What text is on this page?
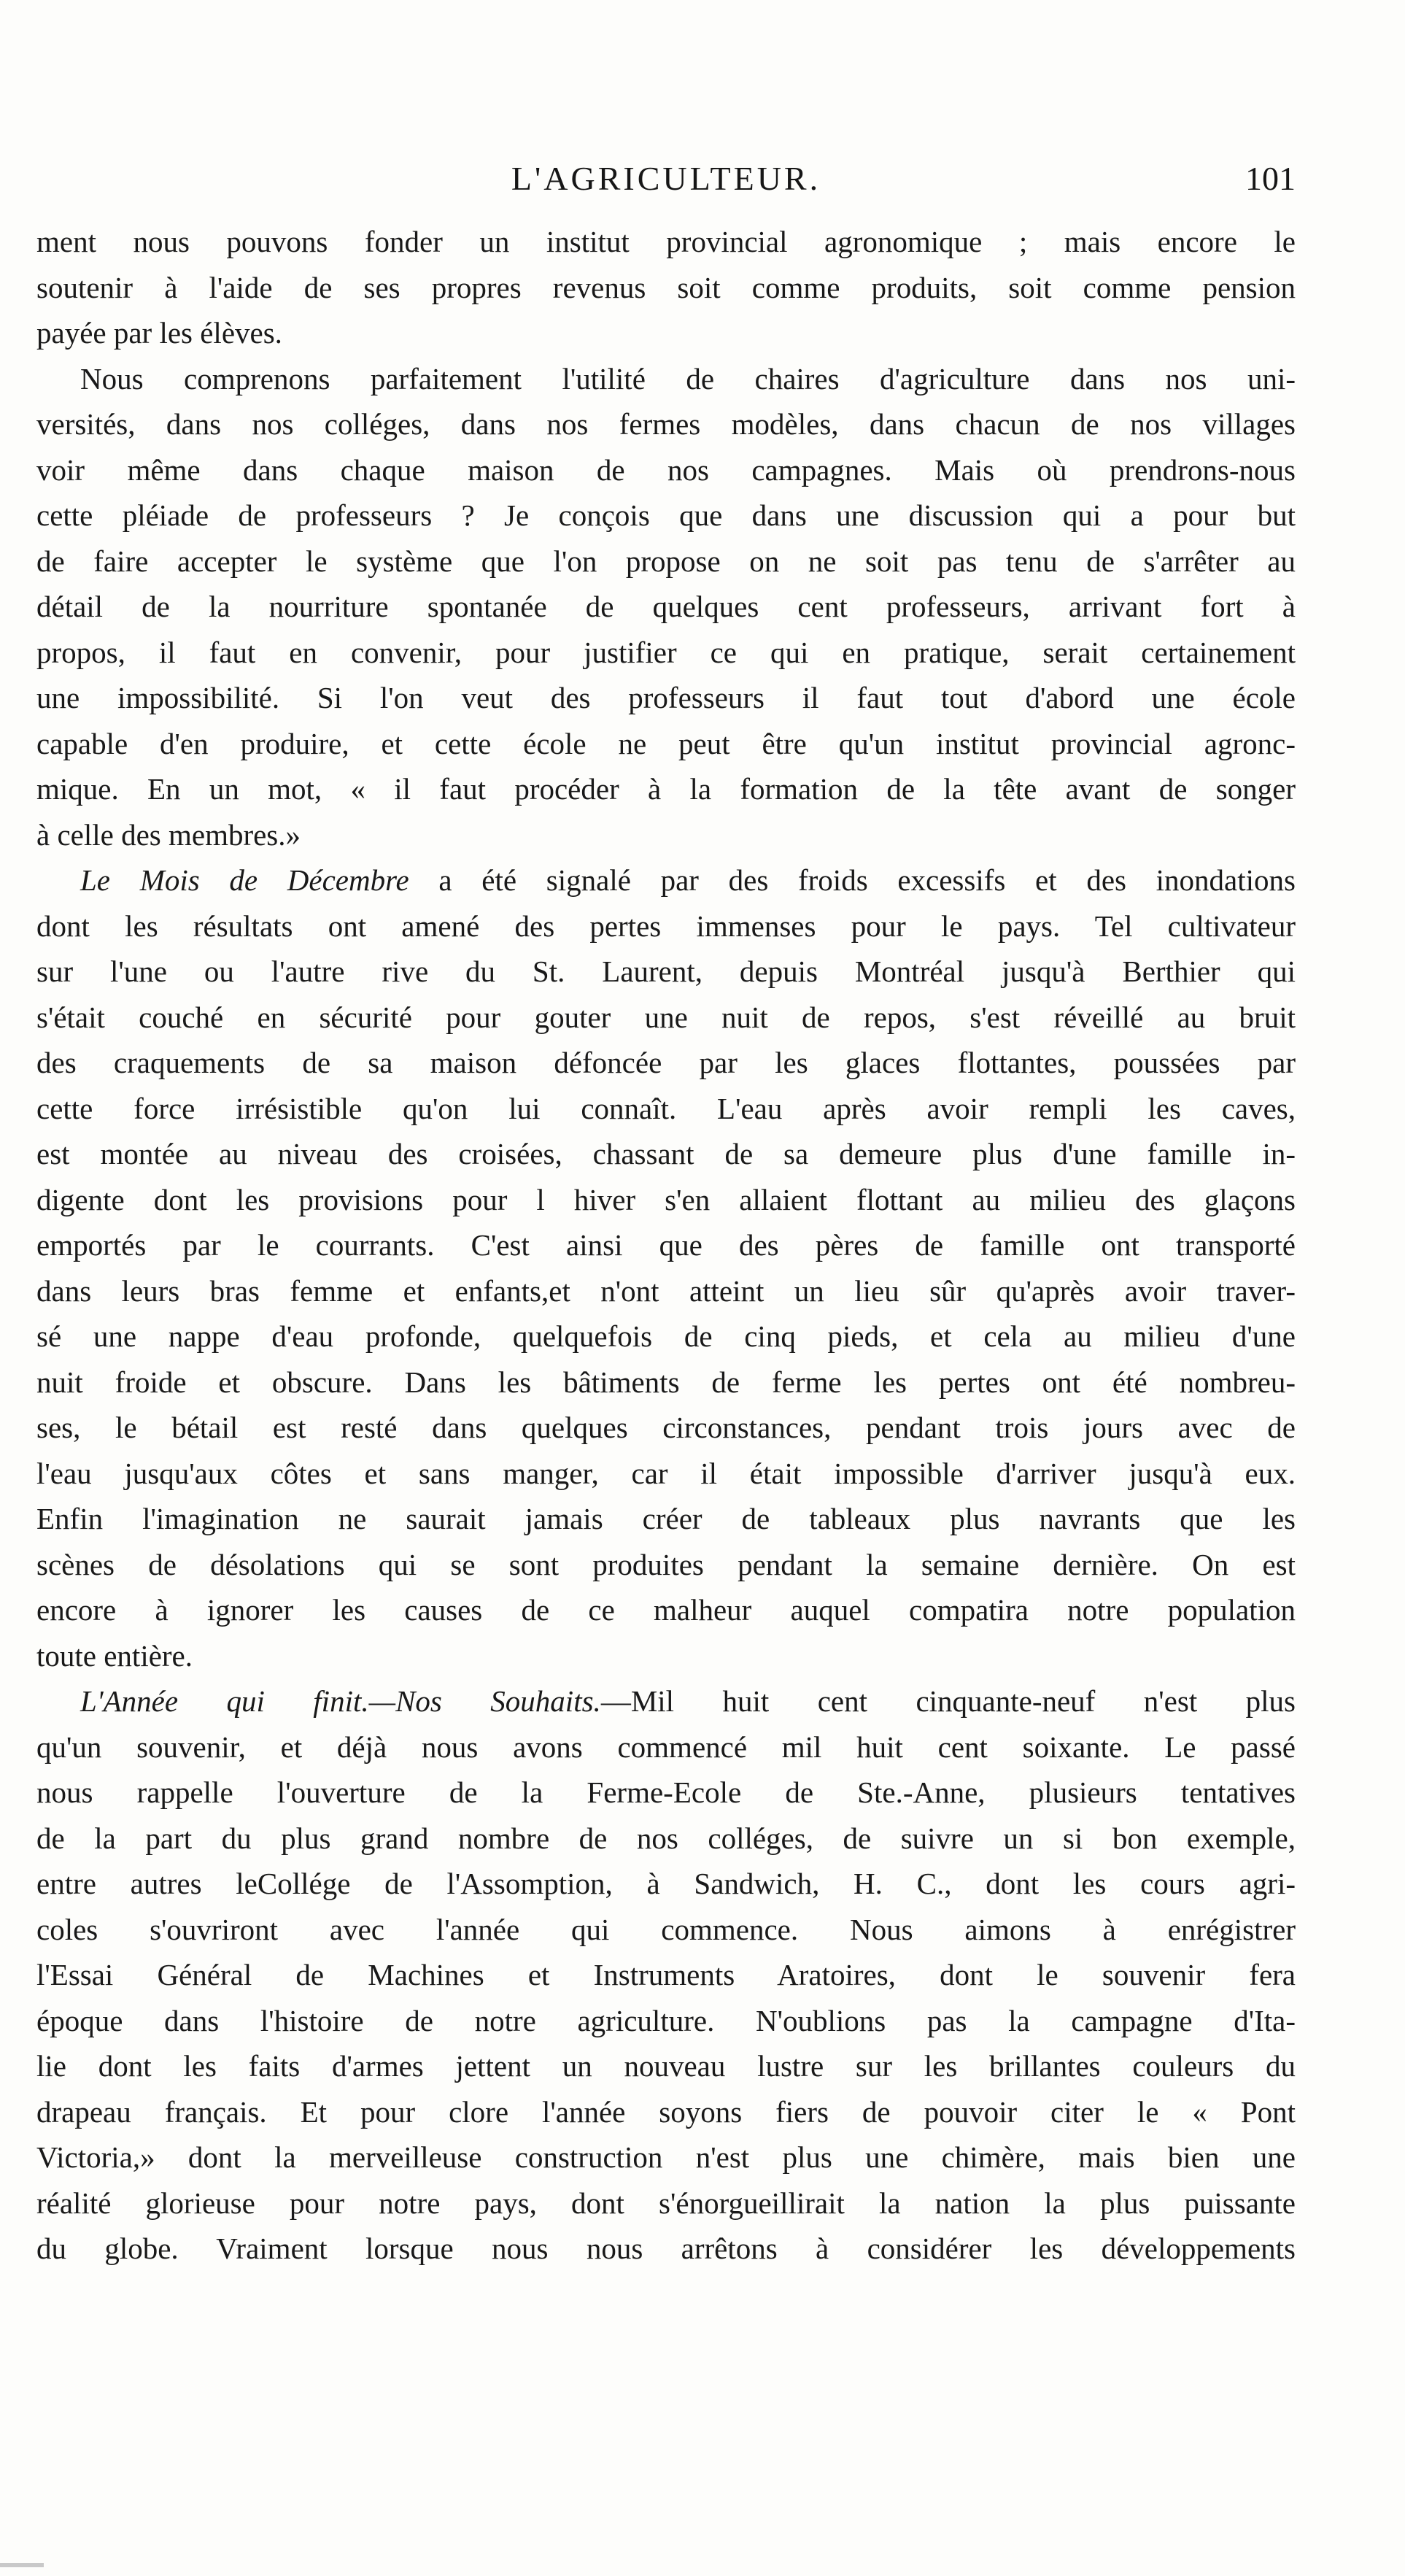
L'AGRICULTEUR.	101

ment nous pouvons fonder un institut provincial agronomique ; mais encore le
soutenir à l'aide de ses propres revenus soit comme produits, soit comme pension
payée par les élèves.

Nous comprenons parfaitement l'utilité de chaires d'agriculture dans nos uni-
versités, dans nos colléges, dans nos fermes modèles, dans chacun de nos villages
voir même dans chaque maison de nos campagnes. Mais où prendrons-nous
cette pléiade de professeurs ? Je conçois que dans une discussion qui a pour but
de faire accepter le système que l'on propose on ne soit pas tenu de s'arrêter au
détail de la nourriture spontanée de quelques cent professeurs, arrivant fort à
propos, il faut en convenir, pour justifier ce qui en pratique, serait certainement
une impossibilité. Si l'on veut des professeurs il faut tout d'abord une école
capable d'en produire, et cette école ne peut être qu'un institut provincial agronc-
mique. En un mot, « il faut procéder à la formation de la tête avant de songer
à celle des membres.»

Le Mois de Décembre a été signalé par des froids excessifs et des inondations
dont les résultats ont amené des pertes immenses pour le pays. Tel cultivateur
sur l'une ou l'autre rive du St. Laurent, depuis Montréal jusqu'à Berthier qui
s'était couché en sécurité pour gouter une nuit de repos, s'est réveillé au bruit
des craquements de sa maison défoncée par les glaces flottantes, poussées par
cette force irrésistible qu'on lui connaît. L'eau après avoir rempli les caves,
est montée au niveau des croisées, chassant de sa demeure plus d'une famille in-
digente dont les provisions pour l hiver s'en allaient flottant au milieu des glaçons
emportés par le courrants. C'est ainsi que des pères de famille ont transporté
dans leurs bras femme et enfants,et n'ont atteint un lieu sûr qu'après avoir traver-
sé une nappe d'eau profonde, quelquefois de cinq pieds, et cela au milieu d'une
nuit froide et obscure. Dans les bâtiments de ferme les pertes ont été nombreu-
ses, le bétail est resté dans quelques circonstances, pendant trois jours avec de
l'eau jusqu'aux côtes et sans manger, car il était impossible d'arriver jusqu'à eux.
Enfin l'imagination ne saurait jamais créer de tableaux plus navrants que les
scènes de désolations qui se sont produites pendant la semaine dernière. On est
encore à ignorer les causes de ce malheur auquel compatira notre population
toute entière.

L'Année qui finit.—Nos Souhaits.—Mil huit cent cinquante-neuf n'est plus
qu'un souvenir, et déjà nous avons commencé mil huit cent soixante. Le passé
nous rappelle l'ouverture de la Ferme-Ecole de Ste.-Anne, plusieurs tentatives
de la part du plus grand nombre de nos colléges, de suivre un si bon exemple,
entre autres leCollége de l'Assomption, à Sandwich, H. C., dont les cours agri-
coles s'ouvriront avec l'année qui commence. Nous aimons à enrégistrer
l'Essai Général de Machines et Instruments Aratoires, dont le souvenir fera
époque dans l'histoire de notre agriculture. N'oublions pas la campagne d'Ita-
lie dont les faits d'armes jettent un nouveau lustre sur les brillantes couleurs du
drapeau français. Et pour clore l'année soyons fiers de pouvoir citer le « Pont
Victoria,» dont la merveilleuse construction n'est plus une chimère, mais bien une
réalité glorieuse pour notre pays, dont s'énorgueillirait la nation la plus puissante
du globe. Vraiment lorsque nous nous arrêtons à considérer les développements
